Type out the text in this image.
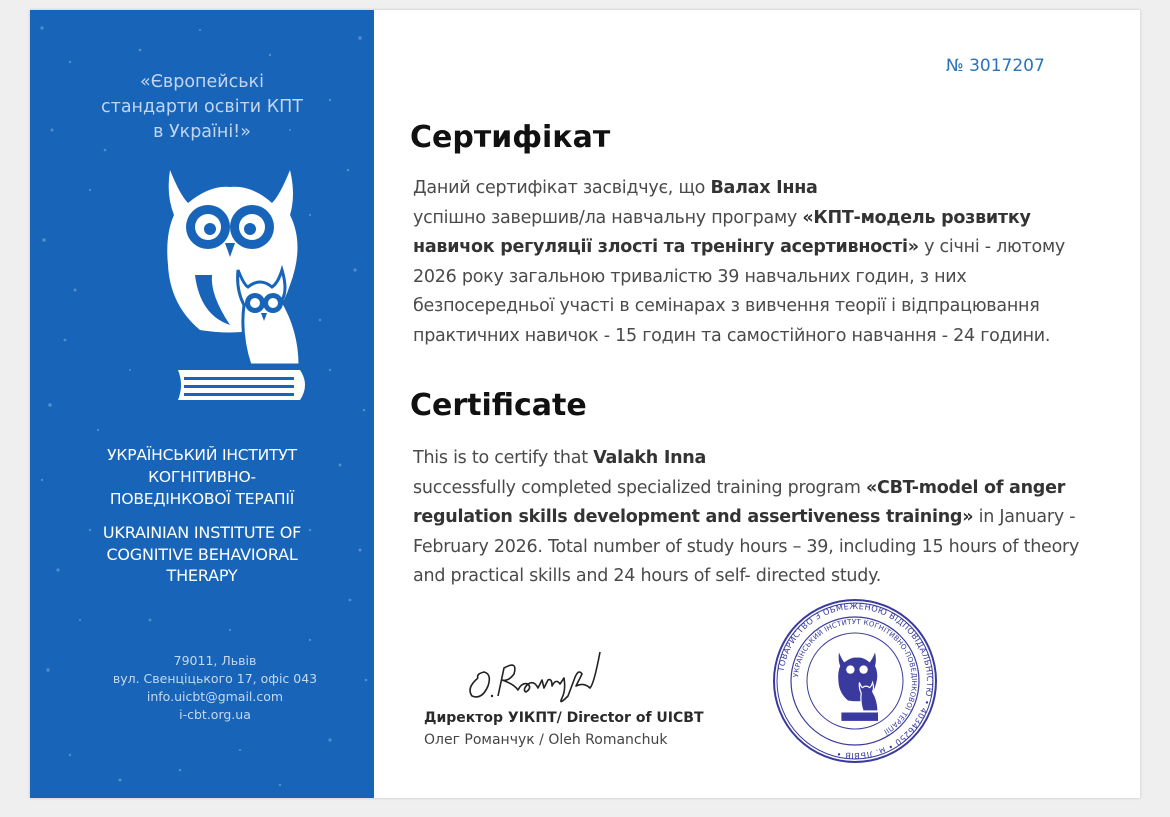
«Європейські
стандарти освіти КПТ
в Україні!»
УКРАЇНСЬКИЙ ІНСТИТУТ
КОГНІТИВНО-
ПОВЕДІНКОВОЇ ТЕРАПІЇ
UKRAINIAN INSTITUTE OF
COGNITIVE BEHAVIORAL
THERAPY
79011, Львів
вул. Свенціцького 17, офіс 043
info.uicbt@gmail.com
i-cbt.org.ua
№ 3017207
Сертифікат
Даний сертифікат засвідчує, що Валах Інна
успішно завершив/ла навчальну програму «КПТ-модель розвитку навичок регуляції злості та тренінгу асертивності» у січні - лютому 2026 року загальною тривалістю 39 навчальних годин, з них безпосередньої участі в семінарах з вивчення теорії і відпрацювання практичних навичок - 15 годин та самостійного навчання - 24 години.
Certificate
This is to certify that Valakh Inna
successfully completed specialized training program «CBT-model of anger regulation skills development and assertiveness training» in January - February 2026. Total number of study hours – 39, including 15 hours of theory and practical skills and 24 hours of self- directed study.
Директор УІКПТ/ Director of UICBT
Олег Романчук / Oleh Romanchuk
ТОВАРИСТВО З ОБМЕЖЕНОЮ ВІДПОВІДАЛЬНІСТЮ • 40346250 • м. ЛЬВІВ •
УКРАЇНСЬКИЙ ІНСТИТУТ КОГНІТИВНО-ПОВЕДІНКОВОЇ ТЕРАПІЇ
